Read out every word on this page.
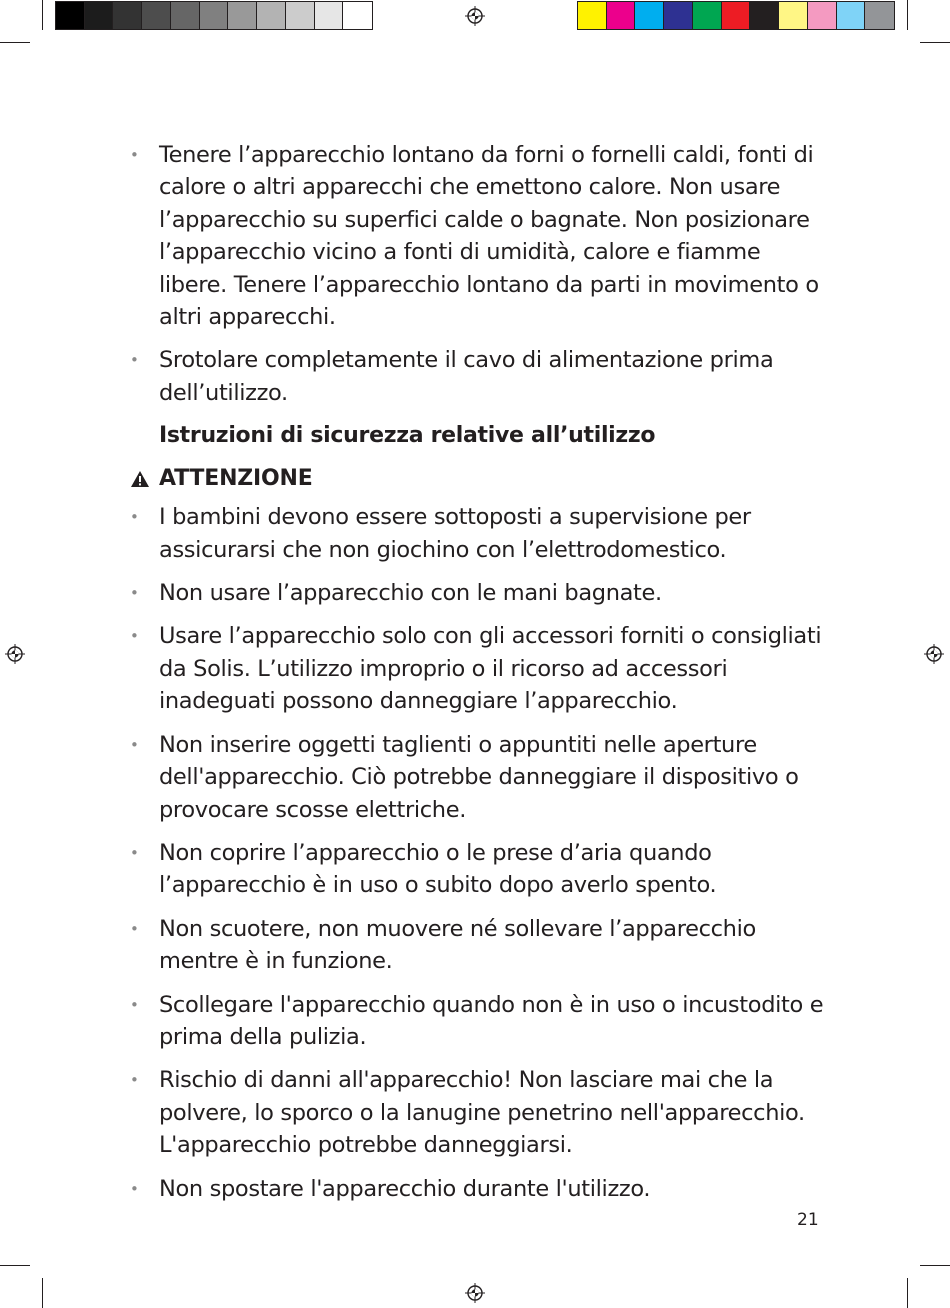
• Tenere l’apparecchio lontano da forni o fornelli caldi, fonti di calore o altri apparecchi che emettono calore. Non usare l’apparecchio su superfici calde o bagnate. Non posizionare l’apparecchio vicino a fonti di umidità, calore e fiamme libere. Tenere l’apparecchio lontano da parti in movimento o altri apparecchi.
• Srotolare completamente il cavo di alimentazione prima dell’utilizzo.
Istruzioni di sicurezza relative all’utilizzo
ATTENZIONE
• I bambini devono essere sottoposti a supervisione per assicurarsi che non giochino con l’elettrodomestico.
• Non usare l’apparecchio con le mani bagnate.
• Usare l’apparecchio solo con gli accessori forniti o consigliati da Solis. L’utilizzo improprio o il ricorso ad accessori inadeguati possono danneggiare l’apparecchio.
• Non inserire oggetti taglienti o appuntiti nelle aperture dell'apparecchio. Ciò potrebbe danneggiare il dispositivo o provocare scosse elettriche.
• Non coprire l’apparecchio o le prese d’aria quando l’apparecchio è in uso o subito dopo averlo spento.
• Non scuotere, non muovere né sollevare l’apparecchio mentre è in funzione.
• Scollegare l'apparecchio quando non è in uso o incustodito e prima della pulizia.
• Rischio di danni all'apparecchio! Non lasciare mai che la polvere, lo sporco o la lanugine penetrino nell'apparecchio. L'apparecchio potrebbe danneggiarsi.
• Non spostare l'apparecchio durante l'utilizzo.
21
